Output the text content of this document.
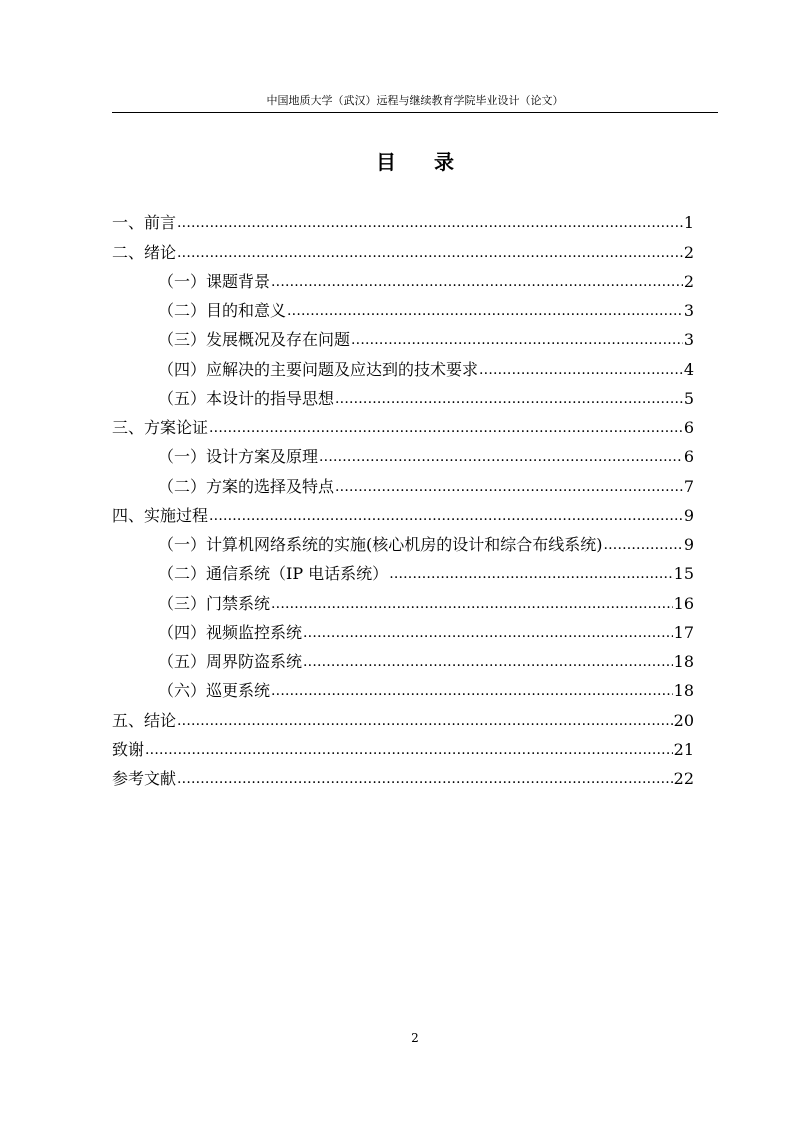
中国地质大学（武汉）远程与继续教育学院毕业设计（论文）
目 录
一、前言 .....	1
二、绪论 .....	2
（一）课题背景 .....	2
（二）目的和意义 .....	3
（三）发展概况及存在问题 .....	3
（四）应解决的主要问题及应达到的技术要求 .....	4
（五）本设计的指导思想 .....	5
三、方案论证 .....	6
（一）设计方案及原理 .....	6
（二）方案的选择及特点 .....	7
四、实施过程 .....	9
（一）计算机网络系统的实施(核心机房的设计和综合布线系统) .....	9
（二）通信系统（IP 电话系统） .....	15
（三）门禁系统 .....	16
（四）视频监控系统 .....	17
（五）周界防盗系统 .....	18
（六）巡更系统 .....	18
五、结论 .....	20
致谢 .....	21
参考文献 .....	22
2
